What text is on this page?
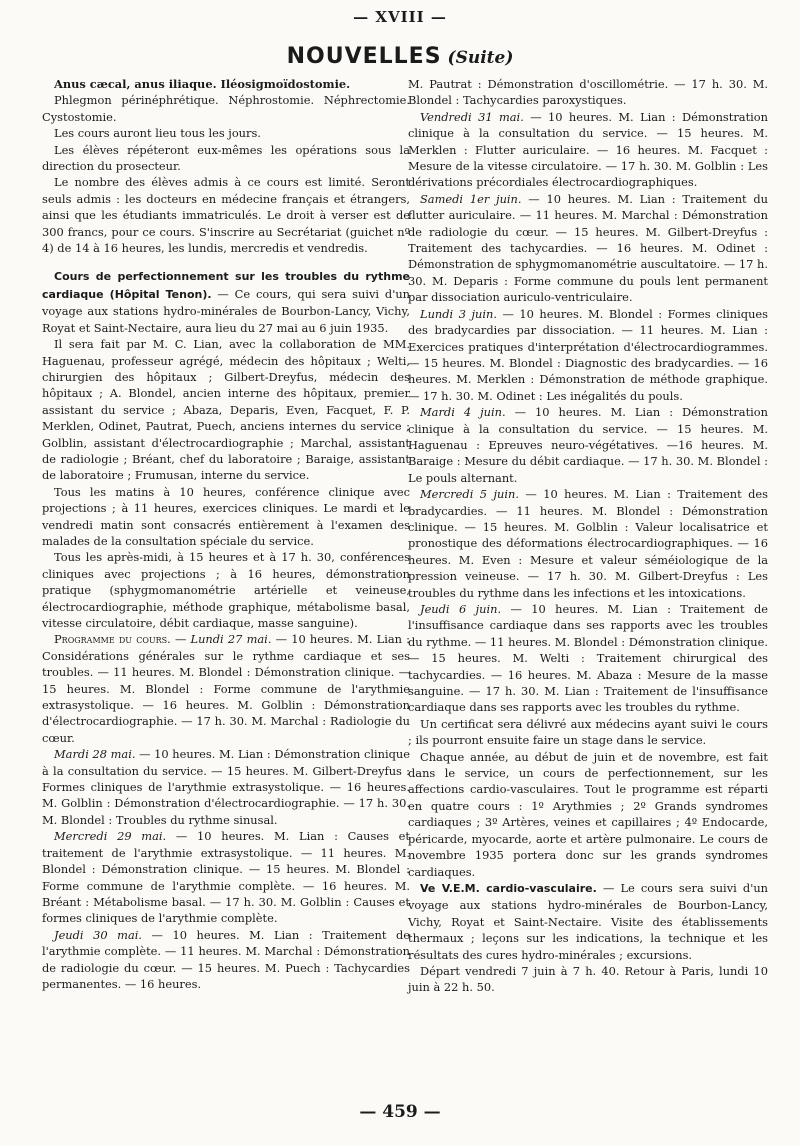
— XVIII —
NOUVELLES (Suite)

Anus cæcal, anus iliaque. Iléosigmoïdostomie.

Phlegmon périnéphrétique. Néphrostomie. Néphrectomie. Cystostomie.

Les cours auront lieu tous les jours.

Les élèves répéteront eux-mêmes les opérations sous la direction du prosecteur.

Le nombre des élèves admis à ce cours est limité. Seront seuls admis : les docteurs en médecine français et étrangers, ainsi que les étudiants immatriculés. Le droit à verser est de 300 francs, pour ce cours. S'inscrire au Secrétariat (guichet nº 4) de 14 à 16 heures, les lundis, mercredis et vendredis.

Cours de perfectionnement sur les troubles du rythme cardiaque (Hôpital Tenon). — Ce cours, qui sera suivi d'un voyage aux stations hydro-minérales de Bourbon-Lancy, Vichy, Royat et Saint-Nectaire, aura lieu du 27 mai au 6 juin 1935.

Il sera fait par M. C. Lian, avec la collaboration de MM. Haguenau, professeur agrégé, médecin des hôpitaux ; Welti, chirurgien des hôpitaux ; Gilbert-Dreyfus, médecin des hôpitaux ; A. Blondel, ancien interne des hôpitaux, premier assistant du service ; Abaza, Deparis, Even, Facquet, F. P. Merklen, Odinet, Pautrat, Puech, anciens internes du service ; Golblin, assistant d'électrocardiographie ; Marchal, assistant de radiologie ; Bréant, chef du laboratoire ; Baraige, assistant de laboratoire ; Frumusan, interne du service.

Tous les matins à 10 heures, conférence clinique avec projections ; à 11 heures, exercices cliniques. Le mardi et le vendredi matin sont consacrés entièrement à l'examen des malades de la consultation spéciale du service.

Tous les après-midi, à 15 heures et à 17 h. 30, conférences cliniques avec projections ; à 16 heures, démonstration pratique (sphygmomanométrie artérielle et veineuse, électrocardiographie, méthode graphique, métabolisme basal, vitesse circulatoire, débit cardiaque, masse sanguine).

Programme du cours. — Lundi 27 mai. — 10 heures. M. Lian : Considérations générales sur le rythme cardiaque et ses troubles. — 11 heures. M. Blondel : Démonstration clinique. — 15 heures. M. Blondel : Forme commune de l'arythmie extrasystolique. — 16 heures. M. Golblin : Démonstration d'électrocardiographie. — 17 h. 30. M. Marchal : Radiologie du cœur.

Mardi 28 mai. — 10 heures. M. Lian : Démonstration clinique à la consultation du service. — 15 heures. M. Gilbert-Dreyfus : Formes cliniques de l'arythmie extrasystolique. — 16 heures. M. Golblin : Démonstration d'électrocardiographie. — 17 h. 30. M. Blondel : Troubles du rythme sinusal.

Mercredi 29 mai. — 10 heures. M. Lian : Causes et traitement de l'arythmie extrasystolique. — 11 heures. M. Blondel : Démonstration clinique. — 15 heures. M. Blondel : Forme commune de l'arythmie complète. — 16 heures. M. Bréant : Métabolisme basal. — 17 h. 30. M. Golblin : Causes et formes cliniques de l'arythmie complète.

Jeudi 30 mai. — 10 heures. M. Lian : Traitement de l'arythmie complète. — 11 heures. M. Marchal : Démonstration de radiologie du cœur. — 15 heures. M. Puech : Tachycardies permanentes. — 16 heures.

M. Pautrat : Démonstration d'oscillométrie. — 17 h. 30. M. Blondel : Tachycardies paroxystiques.

Vendredi 31 mai. — 10 heures. M. Lian : Démonstration clinique à la consultation du service. — 15 heures. M. Merklen : Flutter auriculaire. — 16 heures. M. Facquet : Mesure de la vitesse circulatoire. — 17 h. 30. M. Golblin : Les dérivations précordiales électrocardiographiques.

Samedi 1er juin. — 10 heures. M. Lian : Traitement du flutter auriculaire. — 11 heures. M. Marchal : Démonstration de radiologie du cœur. — 15 heures. M. Gilbert-Dreyfus : Traitement des tachycardies. — 16 heures. M. Odinet : Démonstration de sphygmomanométrie auscultatoire. — 17 h. 30. M. Deparis : Forme commune du pouls lent permanent par dissociation auriculo-ventriculaire.

Lundi 3 juin. — 10 heures. M. Blondel : Formes cliniques des bradycardies par dissociation. — 11 heures. M. Lian : Exercices pratiques d'interprétation d'électrocardiogrammes. — 15 heures. M. Blondel : Diagnostic des bradycardies. — 16 heures. M. Merklen : Démonstration de méthode graphique. — 17 h. 30. M. Odinet : Les inégalités du pouls.

Mardi 4 juin. — 10 heures. M. Lian : Démonstration clinique à la consultation du service. — 15 heures. M. Haguenau : Epreuves neuro-végétatives. —16 heures. M. Baraige : Mesure du débit cardiaque. — 17 h. 30. M. Blondel : Le pouls alternant.

Mercredi 5 juin. — 10 heures. M. Lian : Traitement des bradycardies. — 11 heures. M. Blondel : Démonstration clinique. — 15 heures. M. Golblin : Valeur localisatrice et pronostique des déformations électrocardiographiques. — 16 heures. M. Even : Mesure et valeur séméiologique de la pression veineuse. — 17 h. 30. M. Gilbert-Dreyfus : Les troubles du rythme dans les infections et les intoxications.

Jeudi 6 juin. — 10 heures. M. Lian : Traitement de l'insuffisance cardiaque dans ses rapports avec les troubles du rythme. — 11 heures. M. Blondel : Démonstration clinique. — 15 heures. M. Welti : Traitement chirurgical des tachycardies. — 16 heures. M. Abaza : Mesure de la masse sanguine. — 17 h. 30. M. Lian : Traitement de l'insuffisance cardiaque dans ses rapports avec les troubles du rythme.

Un certificat sera délivré aux médecins ayant suivi le cours ; ils pourront ensuite faire un stage dans le service.

Chaque année, au début de juin et de novembre, est fait dans le service, un cours de perfectionnement, sur les affections cardio-vasculaires. Tout le programme est réparti en quatre cours : 1º Arythmies ; 2º Grands syndromes cardiaques ; 3º Artères, veines et capillaires ; 4º Endocarde, péricarde, myocarde, aorte et artère pulmonaire. Le cours de novembre 1935 portera donc sur les grands syndromes cardiaques.

Ve V.E.M. cardio-vasculaire. — Le cours sera suivi d'un voyage aux stations hydro-minérales de Bourbon-Lancy, Vichy, Royat et Saint-Nectaire. Visite des établissements thermaux ; leçons sur les indications, la technique et les résultats des cures hydro-minérales ; excursions.

Départ vendredi 7 juin à 7 h. 40. Retour à Paris, lundi 10 juin à 22 h. 50.

— 459 —
